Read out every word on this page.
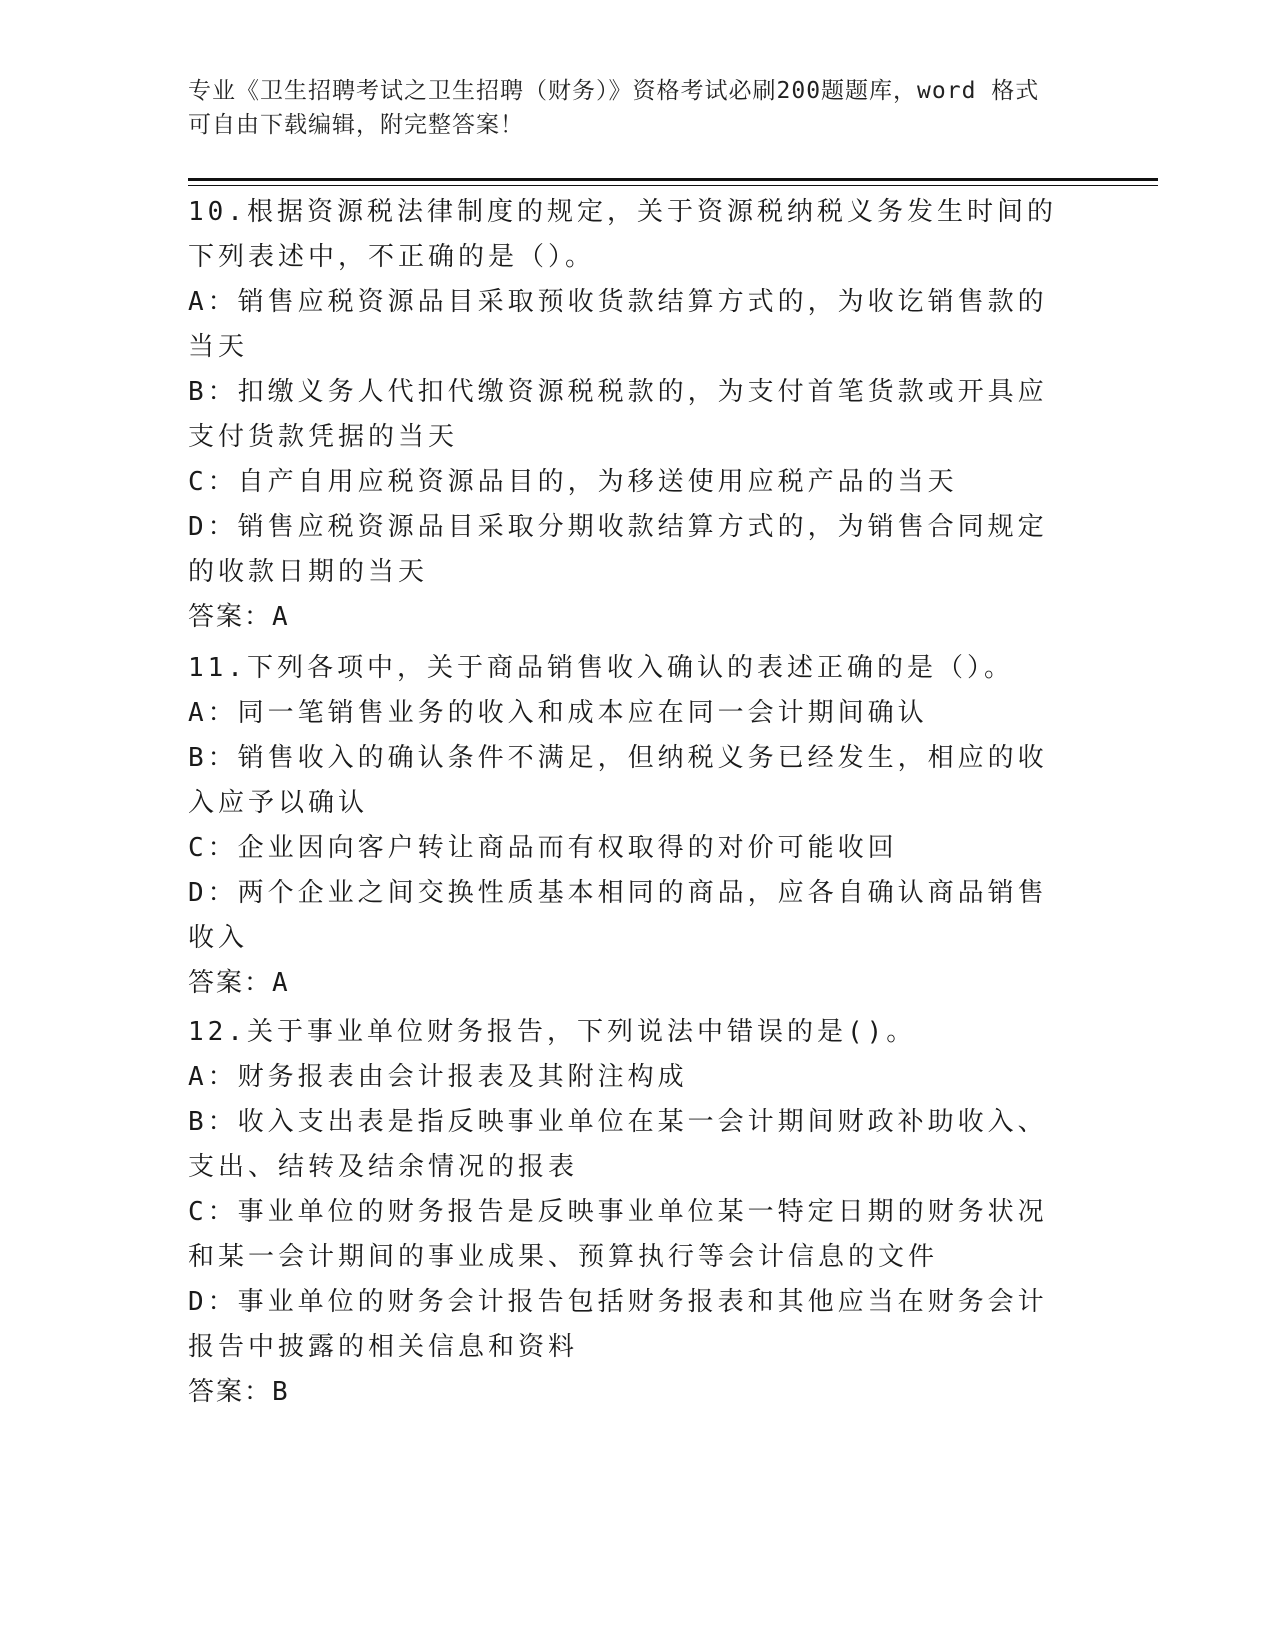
专业《卫生招聘考试之卫生招聘（财务）》资格考试必刷200题题库，word 格式 可自由下载编辑，附完整答案！
10.根据资源税法律制度的规定，关于资源税纳税义务发生时间的下列表述中，不正确的是（）。
A：销售应税资源品目采取预收货款结算方式的，为收讫销售款的当天
B：扣缴义务人代扣代缴资源税税款的，为支付首笔货款或开具应支付货款凭据的当天
C：自产自用应税资源品目的，为移送使用应税产品的当天
D：销售应税资源品目采取分期收款结算方式的，为销售合同规定的收款日期的当天
答案：A
11.下列各项中，关于商品销售收入确认的表述正确的是（）。
A：同一笔销售业务的收入和成本应在同一会计期间确认
B：销售收入的确认条件不满足，但纳税义务已经发生，相应的收入应予以确认
C：企业因向客户转让商品而有权取得的对价可能收回
D：两个企业之间交换性质基本相同的商品，应各自确认商品销售收入
答案：A
12.关于事业单位财务报告，下列说法中错误的是()。
A：财务报表由会计报表及其附注构成
B：收入支出表是指反映事业单位在某一会计期间财政补助收入、支出、结转及结余情况的报表
C：事业单位的财务报告是反映事业单位某一特定日期的财务状况和某一会计期间的事业成果、预算执行等会计信息的文件
D：事业单位的财务会计报告包括财务报表和其他应当在财务会计报告中披露的相关信息和资料
答案：B
